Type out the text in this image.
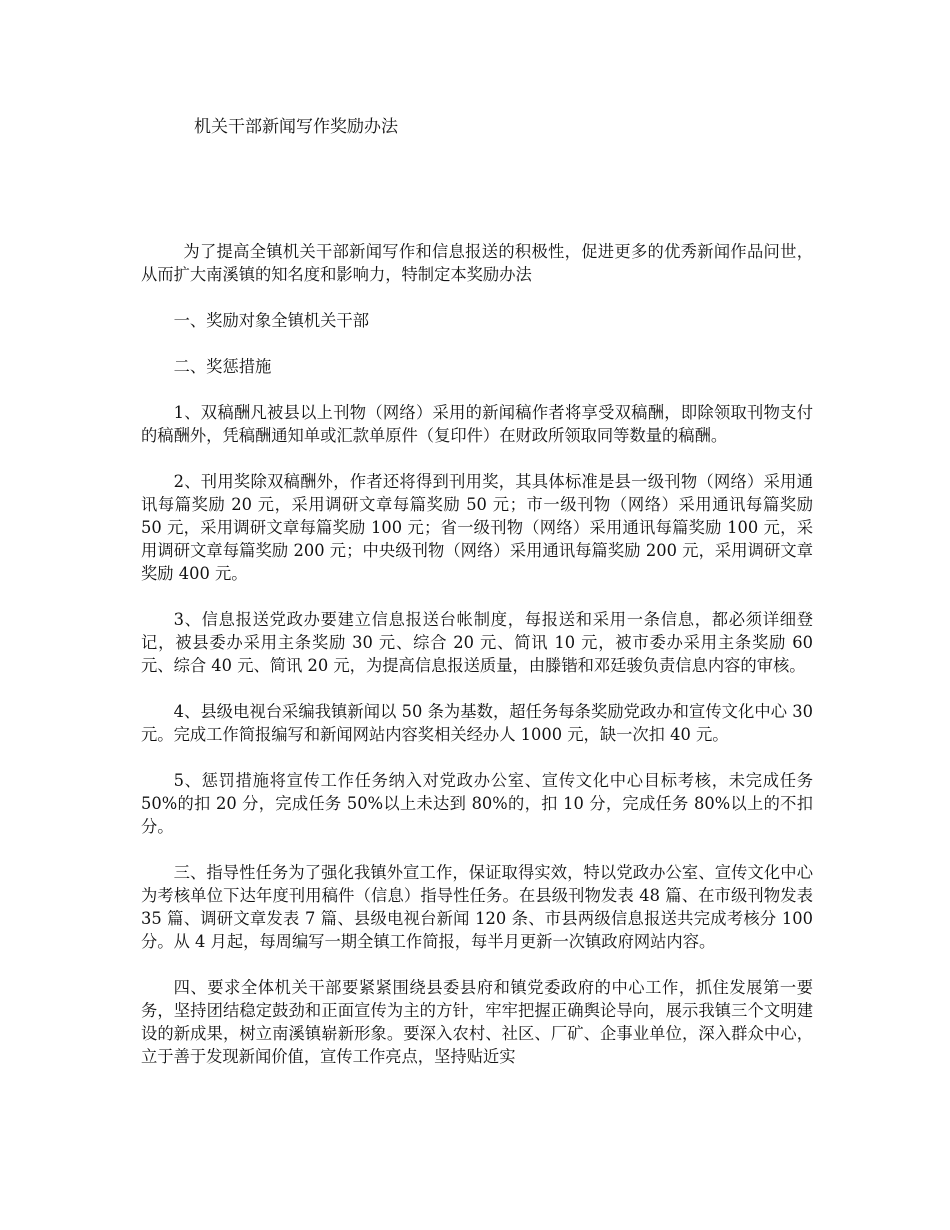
机关干部新闻写作奖励办法

为了提高全镇机关干部新闻写作和信息报送的积极性，促进更多的优秀新闻作品问世，从而扩大南溪镇的知名度和影响力，特制定本奖励办法

一、奖励对象全镇机关干部

二、奖惩措施

1、双稿酬凡被县以上刊物（网络）采用的新闻稿作者将享受双稿酬，即除领取刊物支付的稿酬外，凭稿酬通知单或汇款单原件（复印件）在财政所领取同等数量的稿酬。

2、刊用奖除双稿酬外，作者还将得到刊用奖，其具体标准是县一级刊物（网络）采用通讯每篇奖励 20 元，采用调研文章每篇奖励 50 元；市一级刊物（网络）采用通讯每篇奖励 50 元，采用调研文章每篇奖励 100 元；省一级刊物（网络）采用通讯每篇奖励 100 元，采用调研文章每篇奖励 200 元；中央级刊物（网络）采用通讯每篇奖励 200 元，采用调研文章奖励 400 元。

3、信息报送党政办要建立信息报送台帐制度，每报送和采用一条信息，都必须详细登记，被县委办采用主条奖励 30 元、综合 20 元、简讯 10 元，被市委办采用主条奖励 60 元、综合 40 元、简讯 20 元，为提高信息报送质量，由滕锴和邓廷骏负责信息内容的审核。

4、县级电视台采编我镇新闻以 50 条为基数，超任务每条奖励党政办和宣传文化中心 30 元。完成工作简报编写和新闻网站内容奖相关经办人 1000 元，缺一次扣 40 元。

5、惩罚措施将宣传工作任务纳入对党政办公室、宣传文化中心目标考核，未完成任务 50%的扣 20 分，完成任务 50%以上未达到 80%的，扣 10 分，完成任务 80%以上的不扣分。

三、指导性任务为了强化我镇外宣工作，保证取得实效，特以党政办公室、宣传文化中心为考核单位下达年度刊用稿件（信息）指导性任务。在县级刊物发表 48 篇、在市级刊物发表 35 篇、调研文章发表 7 篇、县级电视台新闻 120 条、市县两级信息报送共完成考核分 100 分。从 4 月起，每周编写一期全镇工作简报，每半月更新一次镇政府网站内容。

四、要求全体机关干部要紧紧围绕县委县府和镇党委政府的中心工作，抓住发展第一要务，坚持团结稳定鼓劲和正面宣传为主的方针，牢牢把握正确舆论导向，展示我镇三个文明建设的新成果，树立南溪镇崭新形象。要深入农村、社区、厂矿、企事业单位，深入群众中心，立于善于发现新闻价值，宣传工作亮点，坚持贴近实
